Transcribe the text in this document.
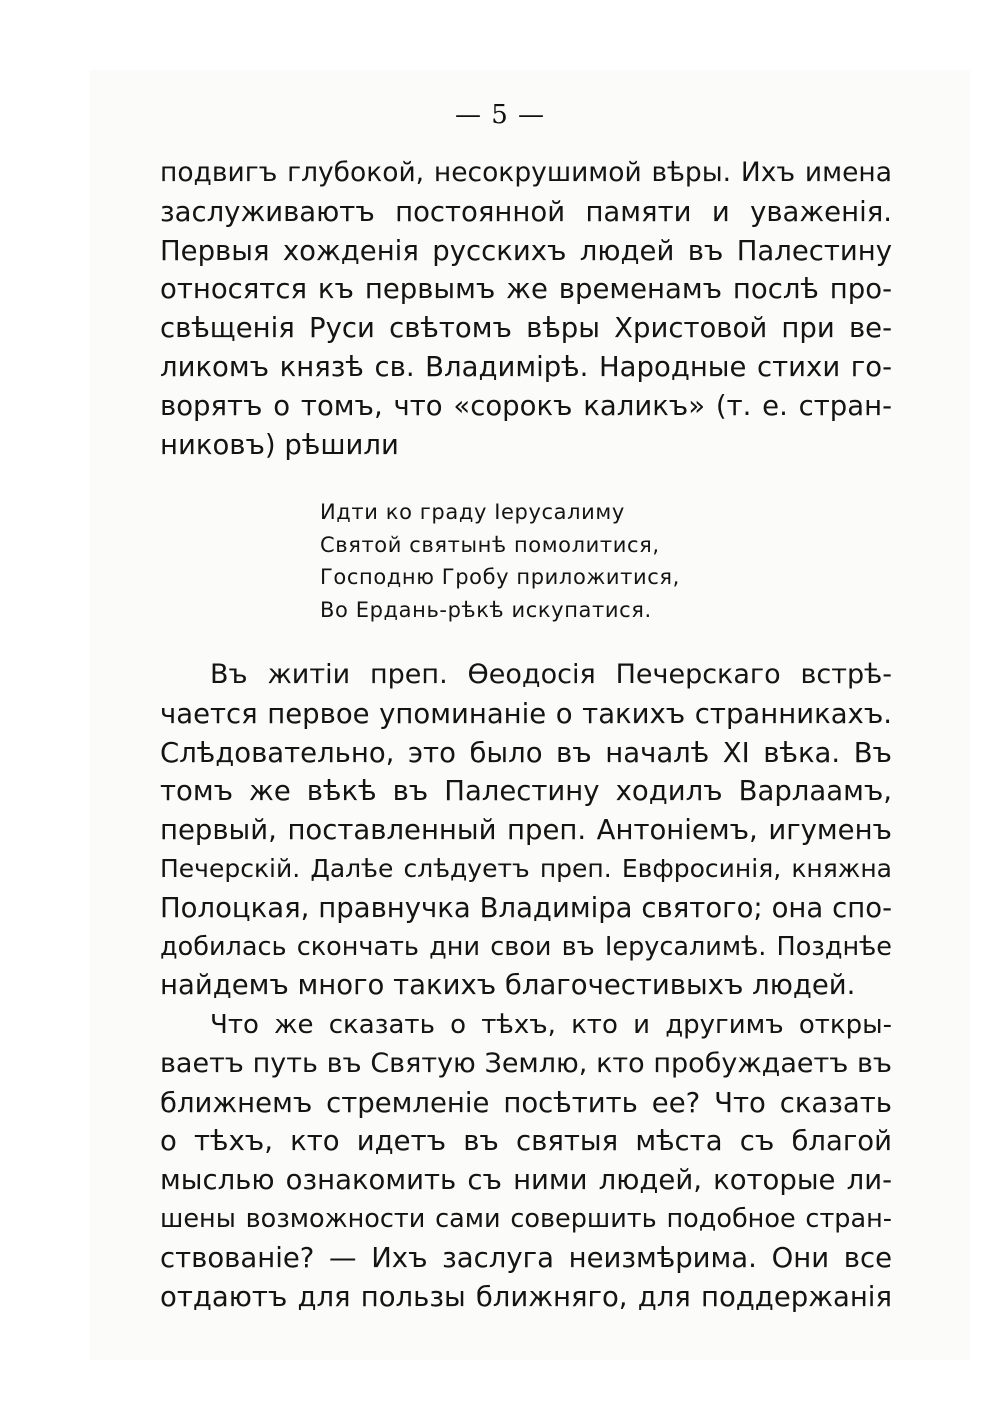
— 5 —
подвигъ глубокой, несокрушимой вѣры. Ихъ имена
заслуживаютъ постоянной памяти и уваженія.
Первыя хожденія русскихъ людей въ Палестину
относятся къ первымъ же временамъ послѣ про-
свѣщенія Руси свѣтомъ вѣры Христовой при ве-
ликомъ князѣ св. Владимірѣ. Народные стихи го-
ворятъ о томъ, что «сорокъ каликъ» (т. е. стран-
никовъ) рѣшили
Идти ко граду Іерусалиму
Святой святынѣ помолитися,
Господню Гробу приложитися,
Во Ердань-рѣкѣ искупатися.
Въ житіи преп. Ѳеодосія Печерскаго встрѣ-
чается первое упоминаніе о такихъ странникахъ.
Слѣдовательно, это было въ началѣ XI вѣка. Въ
томъ же вѣкѣ въ Палестину ходилъ Варлаамъ,
первый, поставленный преп. Антоніемъ, игуменъ
Печерскій. Далѣе слѣдуетъ преп. Евфросинія, княжна
Полоцкая, правнучка Владиміра святого; она спо-
добилась скончать дни свои въ Іерусалимѣ. Позднѣе
найдемъ много такихъ благочестивыхъ людей.
Что же сказать о тѣхъ, кто и другимъ откры-
ваетъ путь въ Святую Землю, кто пробуждаетъ въ
ближнемъ стремленіе посѣтить ее? Что сказать
о тѣхъ, кто идетъ въ святыя мѣста съ благой
мыслью ознакомить съ ними людей, которые ли-
шены возможности сами совершить подобное стран-
ствованіе? — Ихъ заслуга неизмѣрима. Они все
отдаютъ для пользы ближняго, для поддержанія
